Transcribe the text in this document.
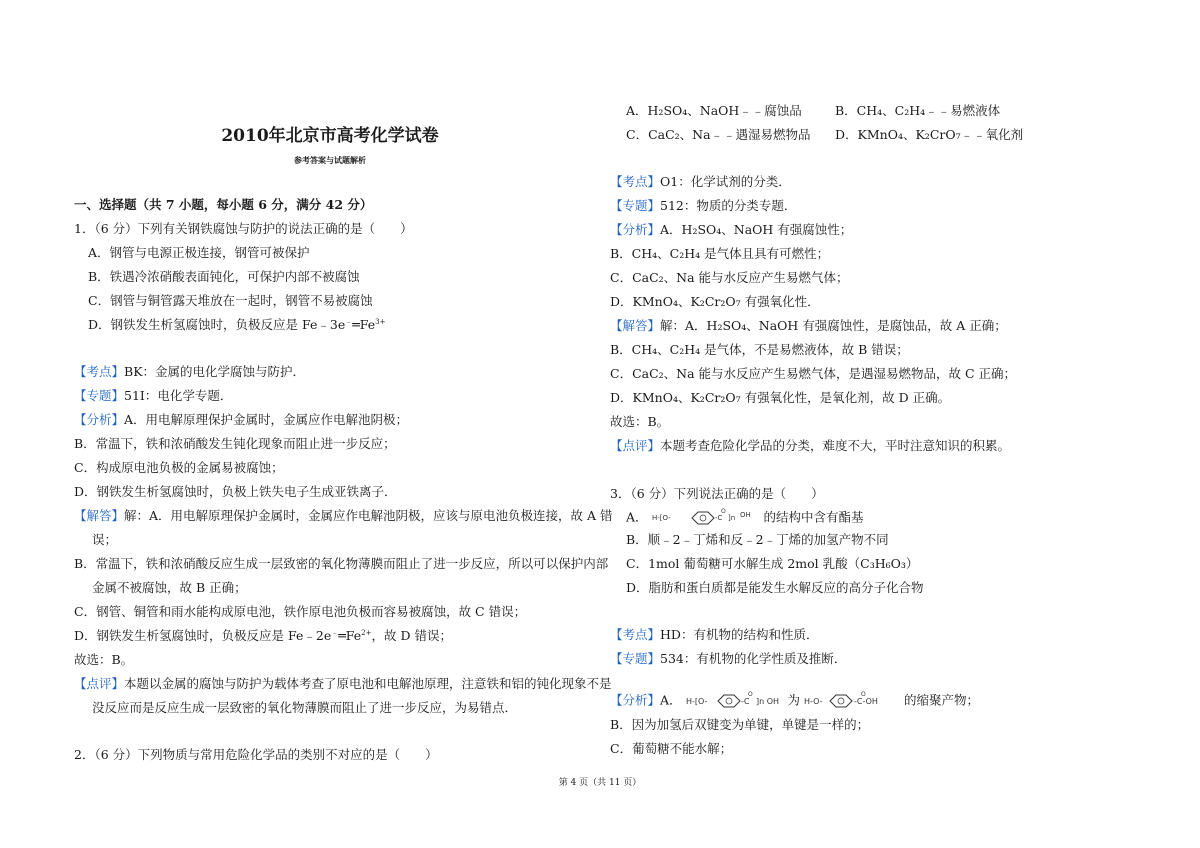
2010年北京市高考化学试卷
参考答案与试题解析
一、选择题（共 7 小题，每小题 6 分，满分 42 分）
1．（6 分）下列有关钢铁腐蚀与防护的说法正确的是（　　）
A．钢管与电源正极连接，钢管可被保护
B．铁遇冷浓硝酸表面钝化，可保护内部不被腐蚀
C．钢管与铜管露天堆放在一起时，钢管不易被腐蚀
D．钢铁发生析氢腐蚀时，负极反应是 $Fe﹣3e^﹣═Fe^{3+}$
【考点】BK：金属的电化学腐蚀与防护．
【专题】51I：电化学专题．
【分析】A．用电解原理保护金属时，金属应作电解池阴极；
B．常温下，铁和浓硝酸发生钝化现象而阻止进一步反应；
C．构成原电池负极的金属易被腐蚀；
D．钢铁发生析氢腐蚀时，负极上铁失电子生成亚铁离子．
【解答】解：A．用电解原理保护金属时，金属应作电解池阴极，应该与原电池负极连接，故 A 错
误；
B．常温下，铁和浓硝酸反应生成一层致密的氧化物薄膜而阻止了进一步反应，所以可以保护内部
金属不被腐蚀，故 B 正确；
C．钢管、铜管和雨水能构成原电池，铁作原电池负极而容易被腐蚀，故 C 错误；
D．钢铁发生析氢腐蚀时，负极反应是 $Fe﹣2e^﹣═Fe^{2+}$，故 D 错误；
故选：B。
【点评】本题以金属的腐蚀与防护为载体考查了原电池和电解池原理，注意铁和铝的钝化现象不是
没反应而是反应生成一层致密的氧化物薄膜而阻止了进一步反应，为易错点．
2．（6 分）下列物质与常用危险化学品的类别不对应的是（　　）
A．H₂SO₄、NaOH﹣﹣腐蚀品	B．CH₄、C₂H₄﹣﹣易燃液体
C．CaC₂、Na﹣﹣遇湿易燃物品 D．KMnO₄、K₂CrO₇﹣﹣氧化剂
【考点】O1：化学试剂的分类．
【专题】512：物质的分类专题．
【分析】A．H₂SO₄、NaOH 有强腐蚀性；
B．CH₄、C₂H₄ 是气体且具有可燃性；
C．CaC₂、Na 能与水反应产生易燃气体；
D．KMnO₄、K₂Cr₂O₇ 有强氧化性．
【解答】解：A．H₂SO₄、NaOH 有强腐蚀性，是腐蚀品，故 A 正确；
B．CH₄、C₂H₄ 是气体，不是易燃液体，故 B 错误；
C．CaC₂、Na 能与水反应产生易燃气体，是遇湿易燃物品，故 C 正确；
D．KMnO₄、K₂Cr₂O₇ 有强氧化性，是氧化剂，故 D 正确。
故选：B。
【点评】本题考查危险化学品的分类，难度不大，平时注意知识的积累。
3．（6 分）下列说法正确的是（　　）
A． H-[O-	-C
O
]n OH 的结构中含有酯基
B．顺﹣2﹣丁烯和反﹣2﹣丁烯的加氢产物不同
C．1mol 葡萄糖可水解生成 2mol 乳酸（C₃H₆O₃）
D．脂肪和蛋白质都是能发生水解反应的高分子化合物
【考点】HD：有机物的结构和性质．
【专题】534：有机物的化学性质及推断．
【分析】A． H-[O-	-C
O
]n OH 为 H-O-	-C-OH
O	的缩聚产物；
B．因为加氢后双键变为单键，单键是一样的；
C．葡萄糖不能水解；
第 4 页（共 11 页）
